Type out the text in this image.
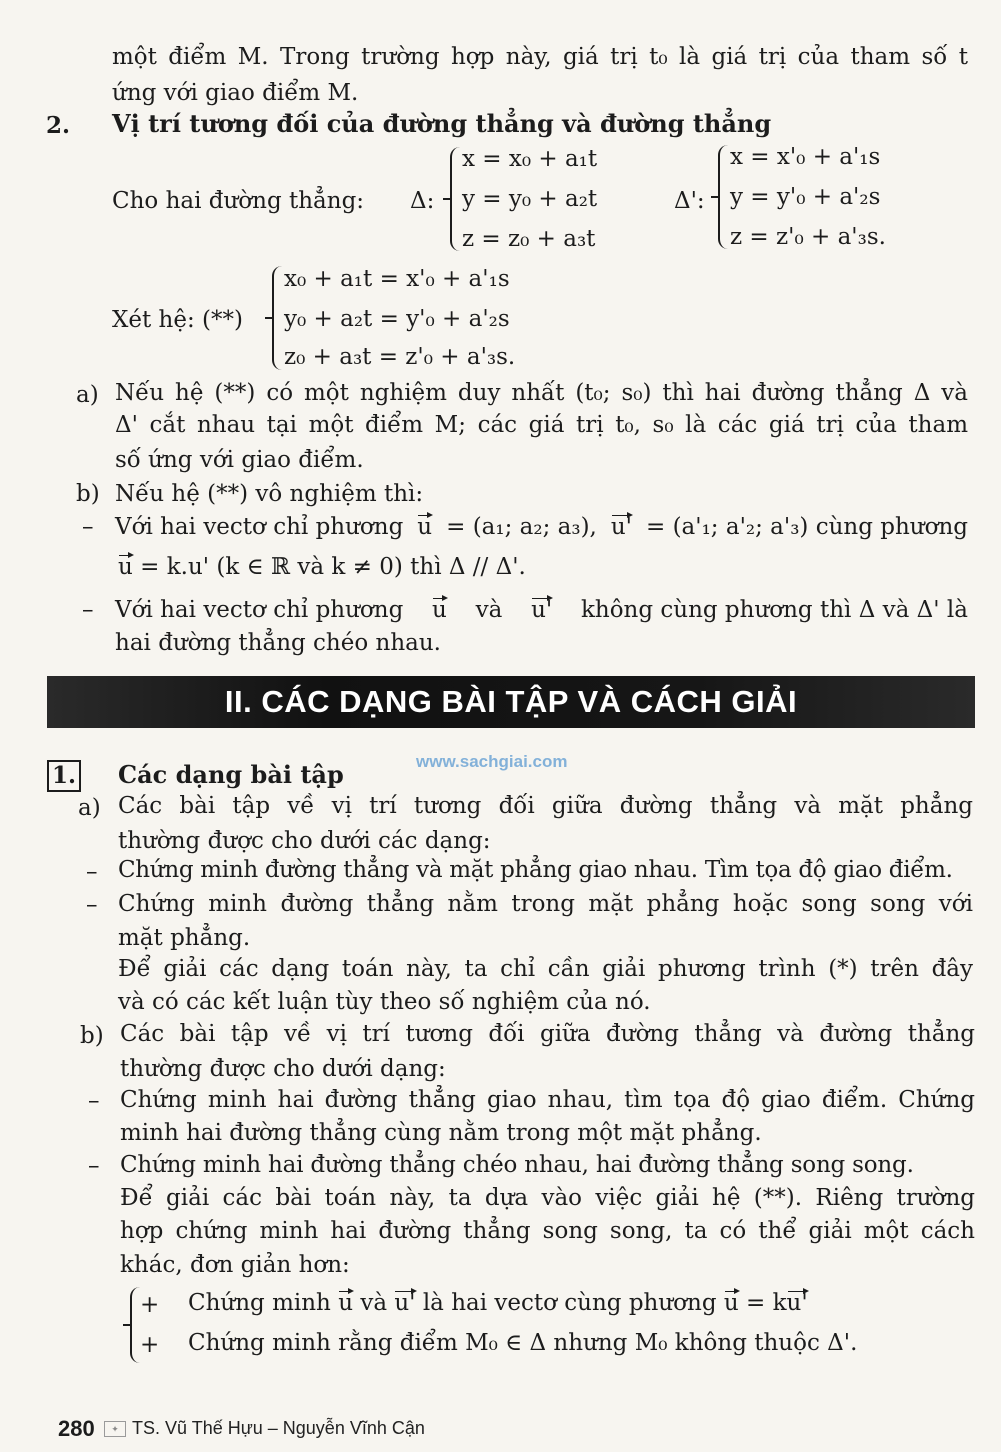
một điểm M. Trong trường hợp này, giá trị t₀ là giá trị của tham số t
ứng với giao điểm M.
2. Vị trí tương đối của đường thẳng và đường thẳng
Cho hai đường thẳng: Δ:
x = x₀ + a₁t
y = y₀ + a₂t
z = z₀ + a₃t
Δ':
x = x'₀ + a'₁s
y = y'₀ + a'₂s
z = z'₀ + a'₃s.
Xét hệ: (**)
x₀ + a₁t = x'₀ + a'₁s
y₀ + a₂t = y'₀ + a'₂s
z₀ + a₃t = z'₀ + a'₃s.
a) Nếu hệ (**) có một nghiệm duy nhất (t₀; s₀) thì hai đường thẳng Δ và
Δ' cắt nhau tại một điểm M; các giá trị t₀, s₀ là các giá trị của tham
số ứng với giao điểm.
b) Nếu hệ (**) vô nghiệm thì:
– Với hai vectơ chỉ phương u = (a₁; a₂; a₃), u' = (a'₁; a'₂; a'₃) cùng phương
u = k.u' (k ∈ ℝ và k ≠ 0) thì Δ // Δ'.
– Với hai vectơ chỉ phương u và u' không cùng phương thì Δ và Δ' là
hai đường thẳng chéo nhau.
II. CÁC DẠNG BÀI TẬP VÀ CÁCH GIẢI
www.sachgiai.com
1. Các dạng bài tập
a) Các bài tập về vị trí tương đối giữa đường thẳng và mặt phẳng
thường được cho dưới các dạng:
– Chứng minh đường thẳng và mặt phẳng giao nhau. Tìm tọa độ giao điểm.
– Chứng minh đường thẳng nằm trong mặt phẳng hoặc song song với
mặt phẳng.
Để giải các dạng toán này, ta chỉ cần giải phương trình (*) trên đây
và có các kết luận tùy theo số nghiệm của nó.
b) Các bài tập về vị trí tương đối giữa đường thẳng và đường thẳng
thường được cho dưới dạng:
– Chứng minh hai đường thẳng giao nhau, tìm tọa độ giao điểm. Chứng
minh hai đường thẳng cùng nằm trong một mặt phẳng.
– Chứng minh hai đường thẳng chéo nhau, hai đường thẳng song song.
Để giải các bài toán này, ta dựa vào việc giải hệ (**). Riêng trường
hợp chứng minh hai đường thẳng song song, ta có thể giải một cách
khác, đơn giản hơn:
+ Chứng minh u và u' là hai vectơ cùng phương u = ku'
+ Chứng minh rằng điểm M₀ ∈ Δ nhưng M₀ không thuộc Δ'.
280	✦ TS. Vũ Thế Hựu – Nguyễn Vĩnh Cận
